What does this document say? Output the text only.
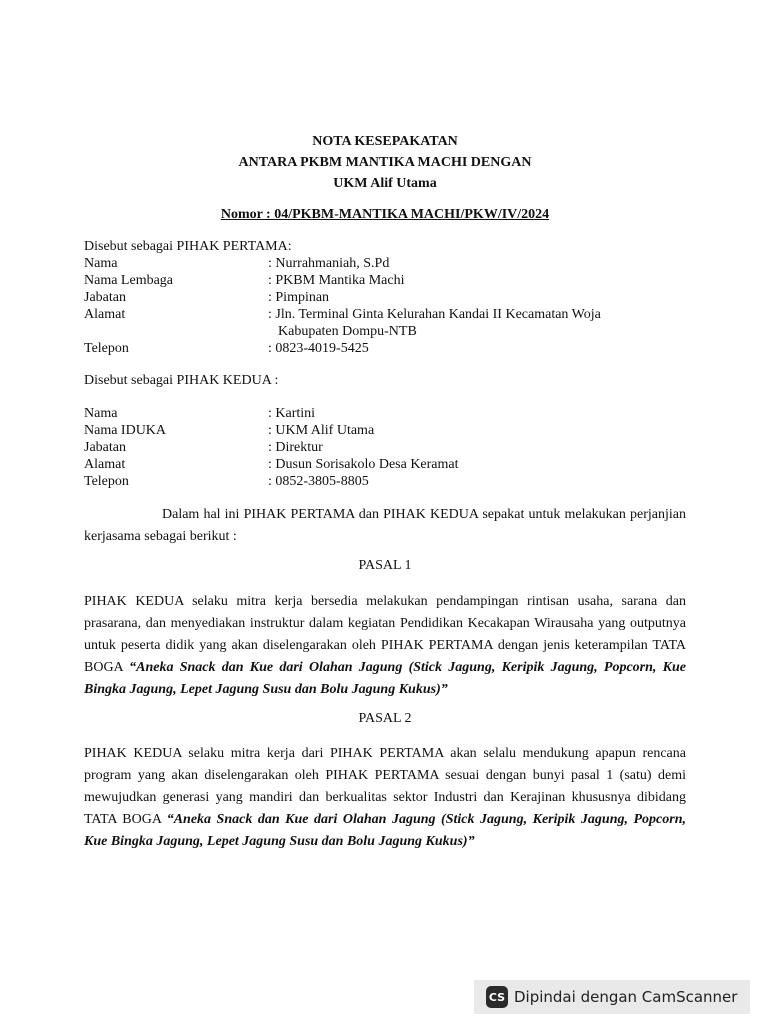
NOTA KESEPAKATAN
ANTARA PKBM MANTIKA MACHI DENGAN
UKM Alif Utama
Nomor : 04/PKBM-MANTIKA MACHI/PKW/IV/2024
Disebut sebagai PIHAK PERTAMA:
Nama	: Nurrahmaniah, S.Pd
Nama Lembaga	: PKBM Mantika Machi
Jabatan	: Pimpinan
Alamat	: Jln. Terminal Ginta Kelurahan Kandai II Kecamatan Woja
Kabupaten Dompu-NTB
Telepon	: 0823-4019-5425
Disebut sebagai PIHAK KEDUA :
Nama	: Kartini
Nama IDUKA	: UKM Alif Utama
Jabatan	: Direktur
Alamat	: Dusun Sorisakolo Desa Keramat
Telepon	: 0852-3805-8805

Dalam hal ini PIHAK PERTAMA dan PIHAK KEDUA sepakat untuk melakukan perjanjian kerjasama sebagai berikut :

PASAL 1

PIHAK KEDUA selaku mitra kerja bersedia melakukan pendampingan rintisan usaha, sarana dan prasarana, dan menyediakan instruktur dalam kegiatan Pendidikan Kecakapan Wirausaha yang outputnya untuk peserta didik yang akan diselengarakan oleh PIHAK PERTAMA dengan jenis keterampilan TATA BOGA “Aneka Snack dan Kue dari Olahan Jagung (Stick Jagung, Keripik Jagung, Popcorn, Kue Bingka Jagung, Lepet Jagung Susu dan Bolu Jagung Kukus)”

PASAL 2

PIHAK KEDUA selaku mitra kerja dari PIHAK PERTAMA akan selalu mendukung apapun rencana program yang akan diselengarakan oleh PIHAK PERTAMA sesuai dengan bunyi pasal 1 (satu) demi mewujudkan generasi yang mandiri dan berkualitas sektor Industri dan Kerajinan khususnya dibidang TATA BOGA “Aneka Snack dan Kue dari Olahan Jagung (Stick Jagung, Keripik Jagung, Popcorn, Kue Bingka Jagung, Lepet Jagung Susu dan Bolu Jagung Kukus)”

CS Dipindai dengan CamScanner
